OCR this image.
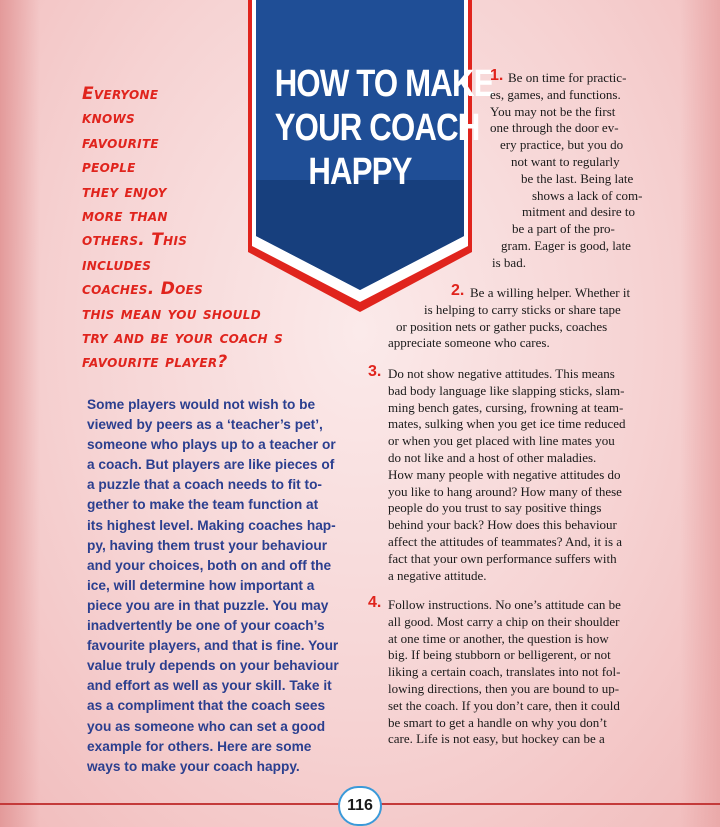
HOW TO MAKE
YOUR COACH
HAPPY
Everyone
knows
favourite
people
they enjoy
more than
others. This
includes
coaches. Does
this mean you should
try and be your coach s
favourite player?
Some players would not wish to be
viewed by peers as a ‘teacher’s pet’,
someone who plays up to a teacher or
a coach. But players are like pieces of
a puzzle that a coach needs to fit to-
gether to make the team function at
its highest level. Making coaches hap-
py, having them trust your behaviour
and your choices, both on and off the
ice, will determine how important a
piece you are in that puzzle. You may
inadvertently be one of your coach’s
favourite players, and that is fine. Your
value truly depends on your behaviour
and effort as well as your skill. Take it
as a compliment that the coach sees
you as someone who can set a good
example for others. Here are some
ways to make your coach happy.
1. Be on time for practic-
es, games, and functions.
You may not be the first
one through the door ev-
ery practice, but you do
not want to regularly
be the last. Being late
shows a lack of com-
mitment and desire to
be a part of the pro-
gram. Eager is good, late
is bad.
2. Be a willing helper. Whether it
is helping to carry sticks or share tape
or position nets or gather pucks, coaches
appreciate someone who cares.
3. Do not show negative attitudes. This means
bad body language like slapping sticks, slam-
ming bench gates, cursing, frowning at team-
mates, sulking when you get ice time reduced
or when you get placed with line mates you
do not like and a host of other maladies.
How many people with negative attitudes do
you like to hang around? How many of these
people do you trust to say positive things
behind your back? How does this behaviour
affect the attitudes of teammates? And, it is a
fact that your own performance suffers with
a negative attitude.
4. Follow instructions. No one’s attitude can be
all good. Most carry a chip on their shoulder
at one time or another, the question is how
big. If being stubborn or belligerent, or not
liking a certain coach, translates into not fol-
lowing directions, then you are bound to up-
set the coach. If you don’t care, then it could
be smart to get a handle on why you don’t
care. Life is not easy, but hockey can be a
116
